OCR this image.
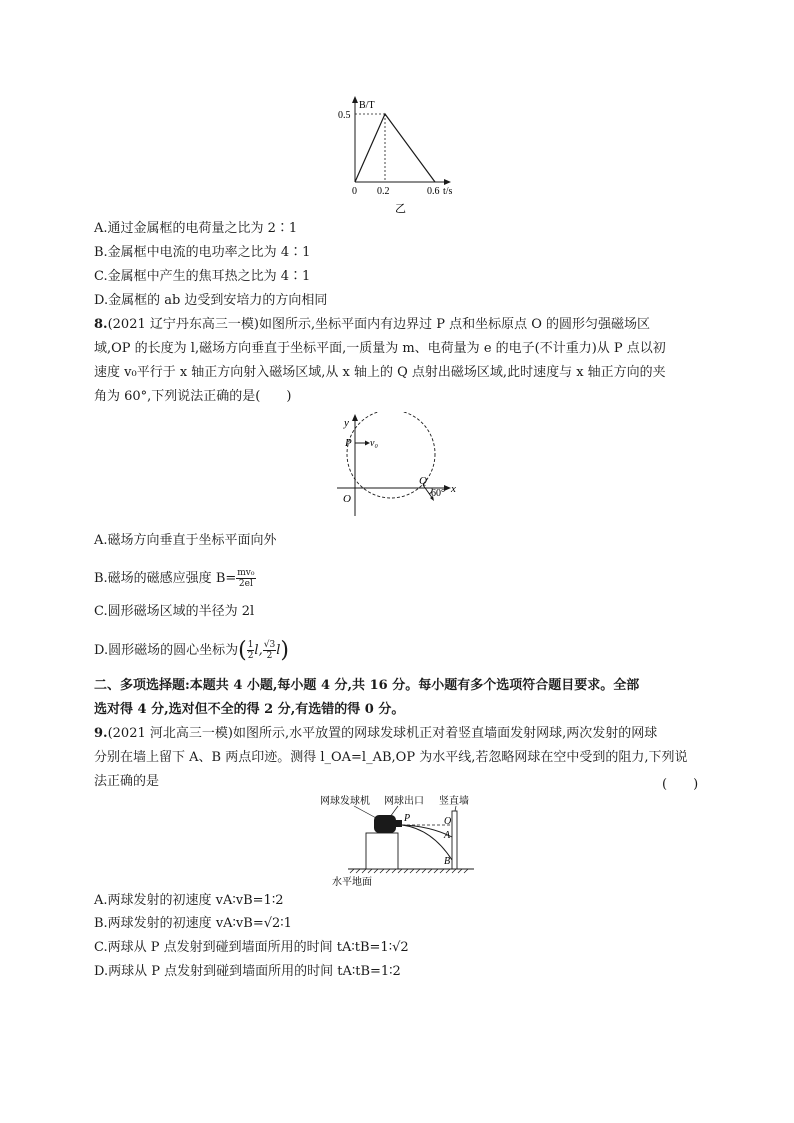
B/T
0.5
0 0.2	0.6 t/s
乙
A.通过金属框的电荷量之比为 2∶1
B.金属框中电流的电功率之比为 4∶1
C.金属框中产生的焦耳热之比为 4∶1
D.金属框的 ab 边受到安培力的方向相同
8.(2021 辽宁丹东高三一模)如图所示,坐标平面内有边界过 P 点和坐标原点 O 的圆形匀强磁场区
域,OP 的长度为 l,磁场方向垂直于坐标平面,一质量为 m、电荷量为 e 的电子(不计重力)从 P 点以初
速度 v₀平行于 x 轴正方向射入磁场区域,从 x 轴上的 Q 点射出磁场区域,此时速度与 x 轴正方向的夹
角为 60°,下列说法正确的是(　　)
y
P v₀
O
Q
60° x
A.磁场方向垂直于坐标平面向外
B.磁场的磁感应强度 $B= \frac{\text{mv₀}}{2el}$
C.圆形磁场区域的半径为 2l
D.圆形磁场的圆心坐标为( $\frac{1}{2} l$, $\frac{√3}{2} l$)
二、多项选择题:本题共 4 小题,每小题 4 分,共 16 分。每小题有多个选项符合题目要求。全部
选对得 4 分,选对但不全的得 2 分,有选错的得 0 分。
9.(2021 河北高三一模)如图所示,水平放置的网球发球机正对着竖直墙面发射网球,两次发射的网球
分别在墙上留下 A、B 两点印迹。测得 l_OA=l_AB,OP 为水平线,若忽略网球在空中受到的阻力,下列说
法正确的是	(　　)
网球发球机 网球出口 竖直墙
P	O
A
B
水平地面
A.两球发射的初速度 vA∶vB=1∶2
B.两球发射的初速度 vA∶vB=√2∶1
C.两球从 P 点发射到碰到墙面所用的时间 tA∶tB=1∶√2
D.两球从 P 点发射到碰到墙面所用的时间 tA∶tB=1∶2
